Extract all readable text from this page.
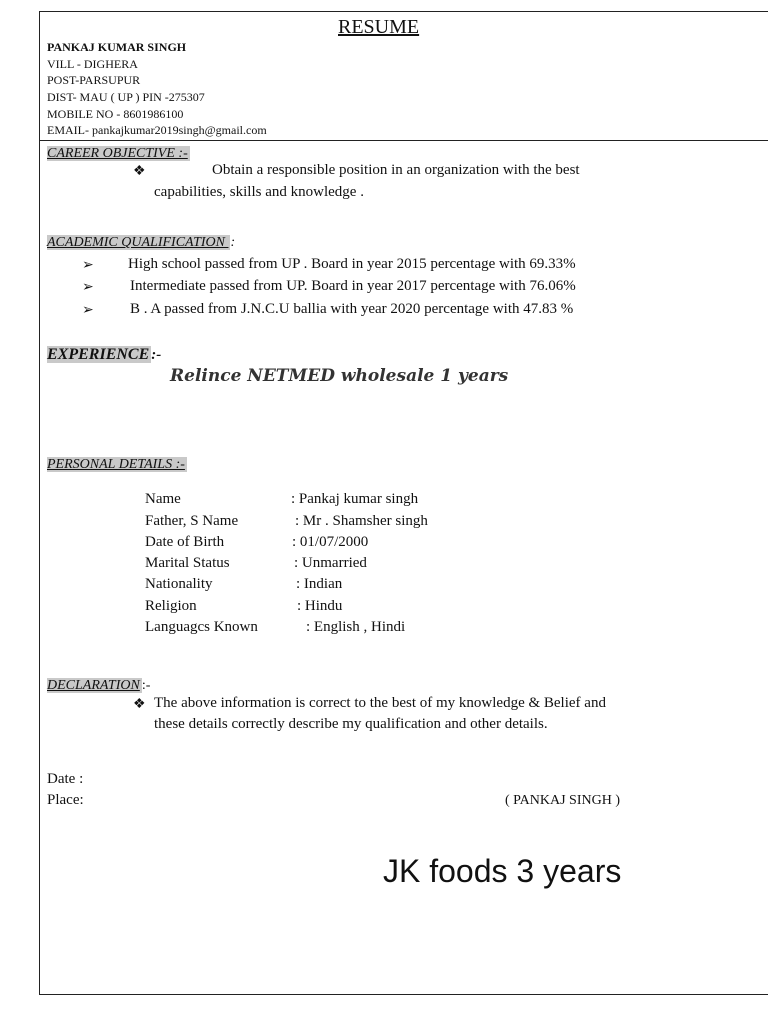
RESUME
PANKAJ KUMAR SINGH
VILL - DIGHERA
POST-PARSUPUR
DIST- MAU ( UP ) PIN -275307
MOBILE NO - 8601986100
EMAIL- pankajkumar2019singh@gmail.com
CAREER OBJECTIVE :-
❖	Obtain a responsible position in an organization with the best
capabilities, skills and knowledge .
ACADEMIC QUALIFICATION :
➢ High school passed from UP . Board in year 2015 percentage with 69.33%
➢ Intermediate passed from UP. Board in year 2017 percentage with 76.06%
➢ B . A passed from J.N.C.U ballia with year 2020 percentage with 47.83 %
EXPERIENCE :-
Relince NETMED wholesale 1 years
PERSONAL DETAILS :-
Name	: Pankaj kumar singh
Father, S Name	: Mr . Shamsher singh
Date of Birth	: 01/07/2000
Marital Status	: Unmarried
Nationality	: Indian
Religion	: Hindu
Languagcs Known	: English , Hindi
DECLARATION :-
❖ The above information is correct to the best of my knowledge & Belief and
these details correctly describe my qualification and other details.
Date :
Place:	( PANKAJ SINGH )
JK foods 3 years
